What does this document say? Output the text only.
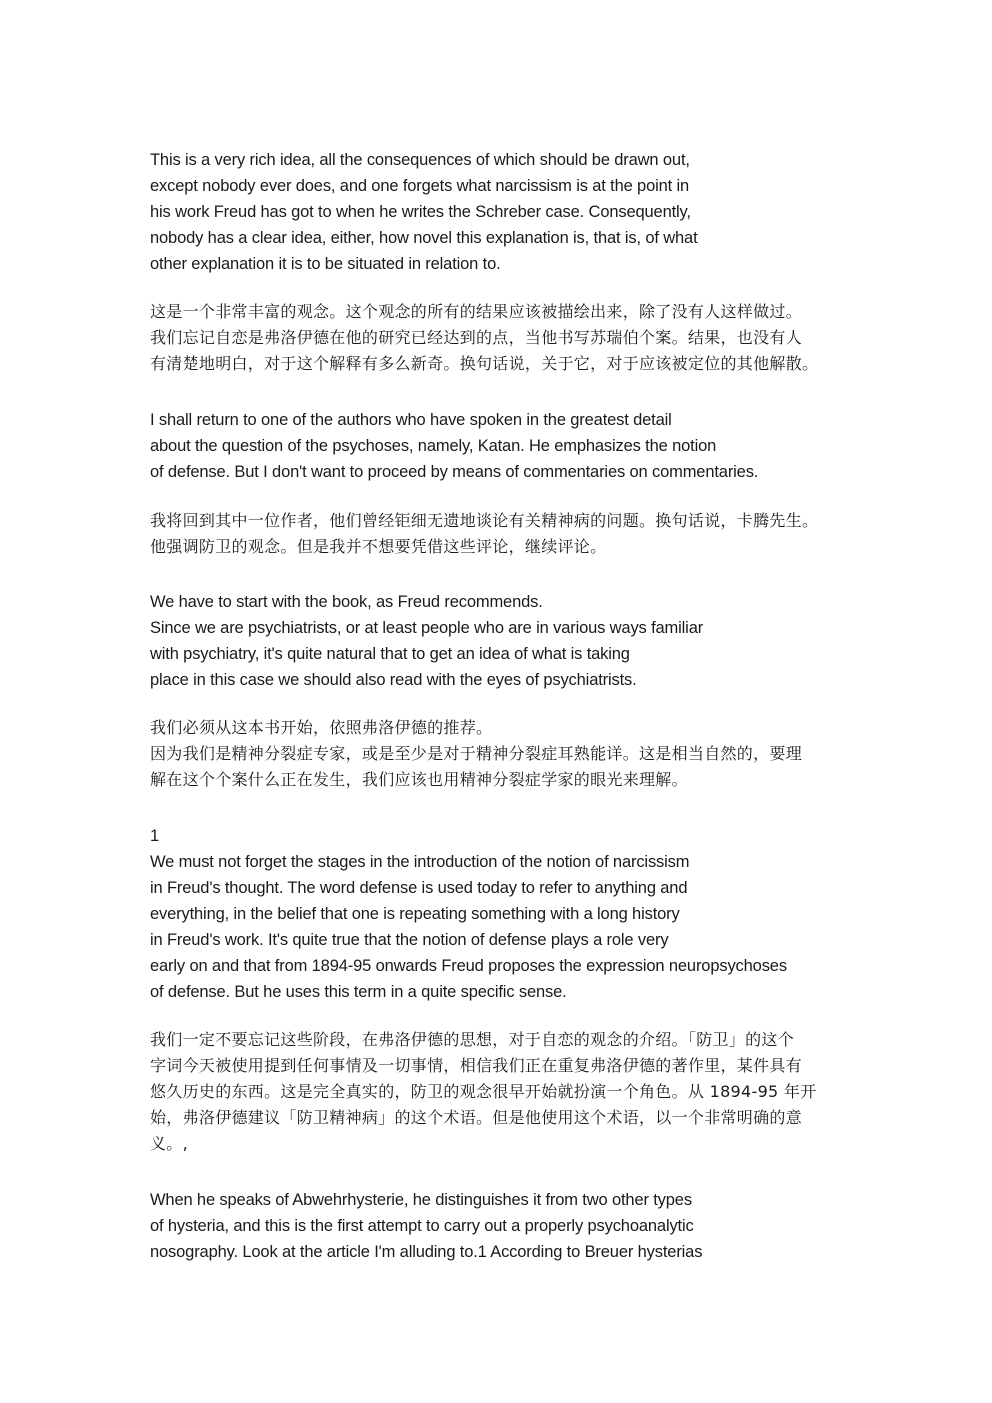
This is a very rich idea, all the consequences of which should be drawn out,
except nobody ever does, and one forgets what narcissism is at the point in
his work Freud has got to when he writes the Schreber case. Consequently,
nobody has a clear idea, either, how novel this explanation is, that is, of what
other explanation it is to be situated in relation to.
这是一个非常丰富的观念。这个观念的所有的结果应该被描绘出来，除了没有人这样做过。
我们忘记自恋是弗洛伊德在他的研究已经达到的点，当他书写苏瑞伯个案。结果，也没有人
有清楚地明白，对于这个解释有多么新奇。换句话说，关于它，对于应该被定位的其他解散。
I shall return to one of the authors who have spoken in the greatest detail
about the question of the psychoses, namely, Katan. He emphasizes the notion
of defense. But I don't want to proceed by means of commentaries on commentaries.
我将回到其中一位作者，他们曾经钜细无遗地谈论有关精神病的问题。换句话说，卡腾先生。
他强调防卫的观念。但是我并不想要凭借这些评论，继续评论。
We have to start with the book, as Freud recommends.
Since we are psychiatrists, or at least people who are in various ways familiar
with psychiatry, it's quite natural that to get an idea of what is taking
place in this case we should also read with the eyes of psychiatrists.
我们必须从这本书开始，依照弗洛伊德的推荐。
因为我们是精神分裂症专家，或是至少是对于精神分裂症耳熟能详。这是相当自然的，要理
解在这个个案什么正在发生，我们应该也用精神分裂症学家的眼光来理解。
1
We must not forget the stages in the introduction of the notion of narcissism
in Freud's thought. The word defense is used today to refer to anything and
everything, in the belief that one is repeating something with a long history
in Freud's work. It's quite true that the notion of defense plays a role very
early on and that from 1894-95 onwards Freud proposes the expression neuropsychoses
of defense. But he uses this term in a quite specific sense.
我们一定不要忘记这些阶段，在弗洛伊德的思想，对于自恋的观念的介绍。「防卫」的这个
字词今天被使用提到任何事情及一切事情，相信我们正在重复弗洛伊德的著作里，某件具有
悠久历史的东西。这是完全真实的，防卫的观念很早开始就扮演一个角色。从 1894-95 年开
始，弗洛伊德建议「防卫精神病」的这个术语。但是他使用这个术语，以一个非常明确的意
义。,
When he speaks of Abwehrhysterie, he distinguishes it from two other types
of hysteria, and this is the first attempt to carry out a properly psychoanalytic
nosography. Look at the article I'm alluding to.1 According to Breuer hysterias
